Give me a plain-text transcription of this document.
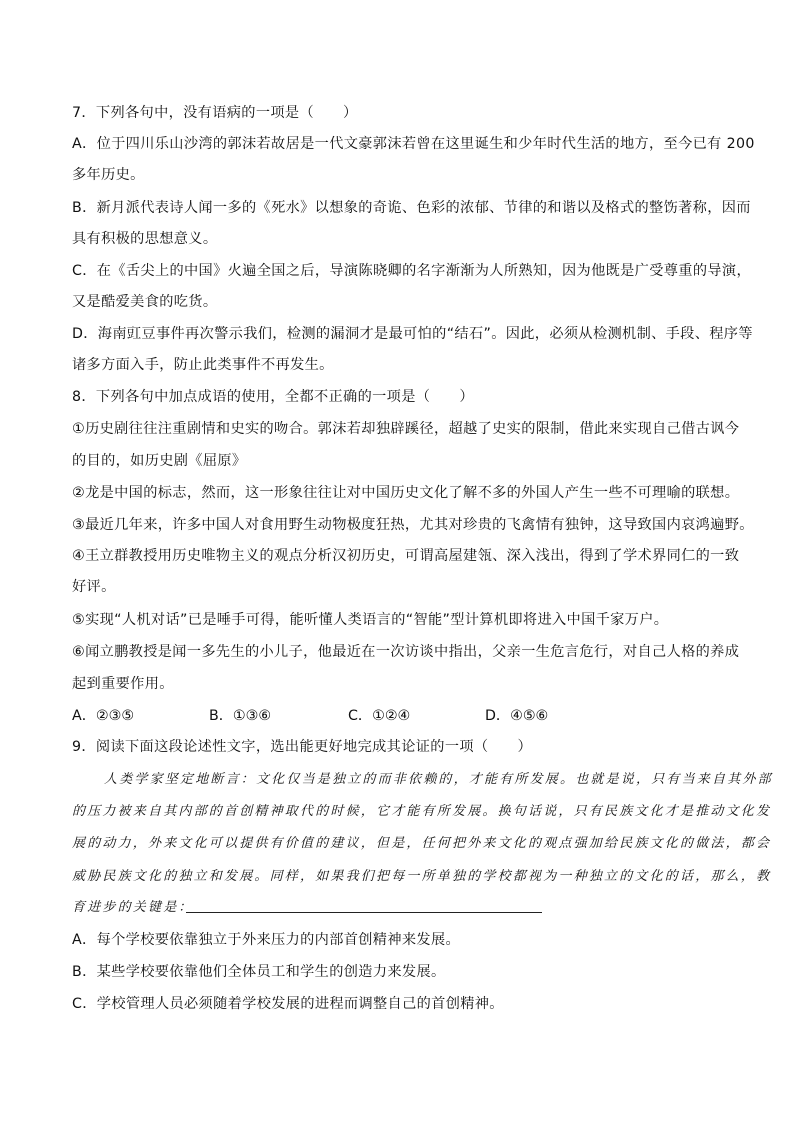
7．下列各句中，没有语病的一项是（　　）
A．位于四川乐山沙湾的郭沫若故居是一代文豪郭沫若曾在这里诞生和少年时代生活的地方，至今已有 200
多年历史。
B．新月派代表诗人闻一多的《死水》以想象的奇诡、色彩的浓郁、节律的和谐以及格式的整饬著称，因而
具有积极的思想意义。
C．在《舌尖上的中国》火遍全国之后，导演陈晓卿的名字渐渐为人所熟知，因为他既是广受尊重的导演，
又是酷爱美食的吃货。
D．海南豇豆事件再次警示我们，检测的漏洞才是最可怕的“结石”。因此，必须从检测机制、手段、程序等
诸多方面入手，防止此类事件不再发生。
8．下列各句中加点成语的使用，全都不正确的一项是（　　）
①历史剧往往注重剧情和史实的吻合。郭沫若却独辟蹊径，超越了史实的限制，借此来实现自己借古讽今
的目的，如历史剧《屈原》
②龙是中国的标志，然而，这一形象往往让对中国历史文化了解不多的外国人产生一些不可理喻的联想。
③最近几年来，许多中国人对食用野生动物极度狂热，尤其对珍贵的飞禽情有独钟，这导致国内哀鸿遍野。
④王立群教授用历史唯物主义的观点分析汉初历史，可谓高屋建瓴、深入浅出，得到了学术界同仁的一致
好评。
⑤实现“人机对话”已是唾手可得，能听懂人类语言的“智能”型计算机即将进入中国千家万户。
⑥闻立鹏教授是闻一多先生的小儿子，他最近在一次访谈中指出，父亲一生危言危行，对自己人格的养成
起到重要作用。
A．②③⑤	B．①③⑥	C．①②④	D．④⑤⑥
9．阅读下面这段论述性文字，选出能更好地完成其论证的一项（　　）
人类学家坚定地断言：文化仅当是独立的而非依赖的，才能有所发展。也就是说，只有当来自其外部
的压力被来自其内部的首创精神取代的时候，它才能有所发展。换句话说，只有民族文化才是推动文化发
展的动力，外来文化可以提供有价值的建议，但是，任何把外来文化的观点强加给民族文化的做法，都会
威胁民族文化的独立和发展。同样，如果我们把每一所单独的学校都视为一种独立的文化的话，那么，教
育进步的关键是：
A．每个学校要依靠独立于外来压力的内部首创精神来发展。
B．某些学校要依靠他们全体员工和学生的创造力来发展。
C．学校管理人员必须随着学校发展的进程而调整自己的首创精神。
